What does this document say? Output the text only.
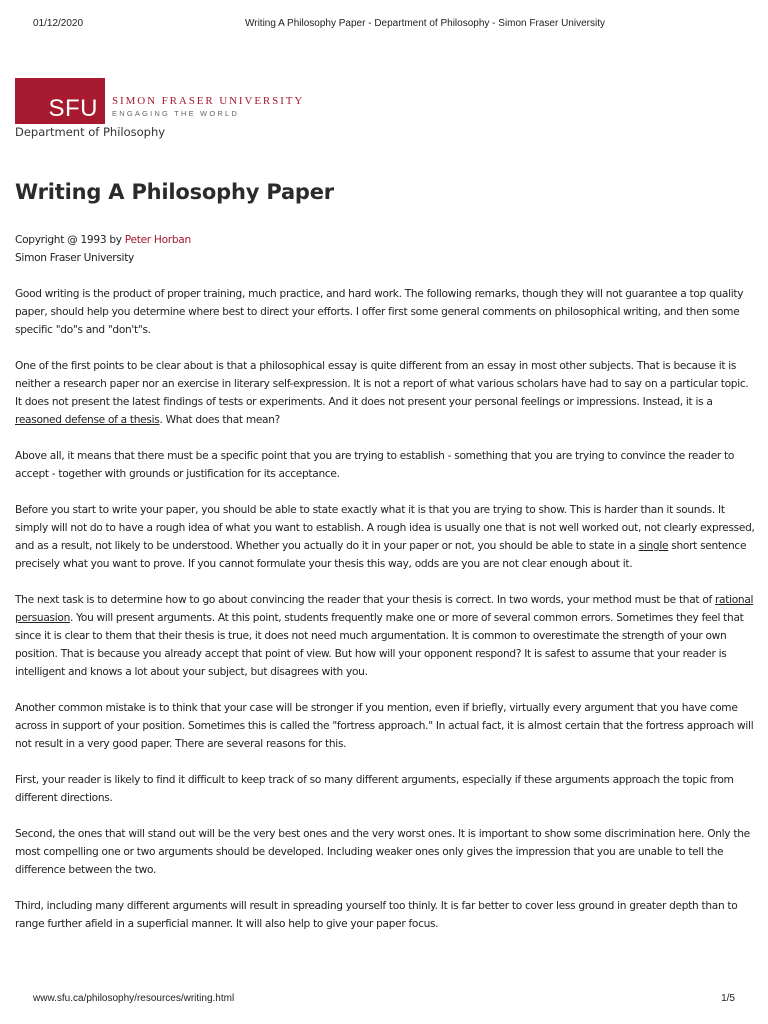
01/12/2020	Writing A Philosophy Paper - Department of Philosophy - Simon Fraser University
SFU SIMON FRASER UNIVERSITY
ENGAGING THE WORLD
Department of Philosophy
Writing A Philosophy Paper

Copyright @ 1993 by Peter Horban
Simon Fraser University

Good writing is the product of proper training, much practice, and hard work. The following remarks, though they will not guarantee a top quality paper, should help you determine where best to direct your efforts. I offer first some general comments on philosophical writing, and then some specific "do"s and "don't"s.

One of the first points to be clear about is that a philosophical essay is quite different from an essay in most other subjects. That is because it is neither a research paper nor an exercise in literary self-expression. It is not a report of what various scholars have had to say on a particular topic. It does not present the latest findings of tests or experiments. And it does not present your personal feelings or impressions. Instead, it is a reasoned defense of a thesis. What does that mean?

Above all, it means that there must be a specific point that you are trying to establish - something that you are trying to convince the reader to accept - together with grounds or justification for its acceptance.

Before you start to write your paper, you should be able to state exactly what it is that you are trying to show. This is harder than it sounds. It simply will not do to have a rough idea of what you want to establish. A rough idea is usually one that is not well worked out, not clearly expressed, and as a result, not likely to be understood. Whether you actually do it in your paper or not, you should be able to state in a single short sentence precisely what you want to prove. If you cannot formulate your thesis this way, odds are you are not clear enough about it.

The next task is to determine how to go about convincing the reader that your thesis is correct. In two words, your method must be that of rational persuasion. You will present arguments. At this point, students frequently make one or more of several common errors. Sometimes they feel that since it is clear to them that their thesis is true, it does not need much argumentation. It is common to overestimate the strength of your own position. That is because you already accept that point of view. But how will your opponent respond? It is safest to assume that your reader is intelligent and knows a lot about your subject, but disagrees with you.

Another common mistake is to think that your case will be stronger if you mention, even if briefly, virtually every argument that you have come across in support of your position. Sometimes this is called the "fortress approach." In actual fact, it is almost certain that the fortress approach will not result in a very good paper. There are several reasons for this.

First, your reader is likely to find it difficult to keep track of so many different arguments, especially if these arguments approach the topic from different directions.

Second, the ones that will stand out will be the very best ones and the very worst ones. It is important to show some discrimination here. Only the most compelling one or two arguments should be developed. Including weaker ones only gives the impression that you are unable to tell the difference between the two.

Third, including many different arguments will result in spreading yourself too thinly. It is far better to cover less ground in greater depth than to range further afield in a superficial manner. It will also help to give your paper focus.

www.sfu.ca/philosophy/resources/writing.html	1/5
